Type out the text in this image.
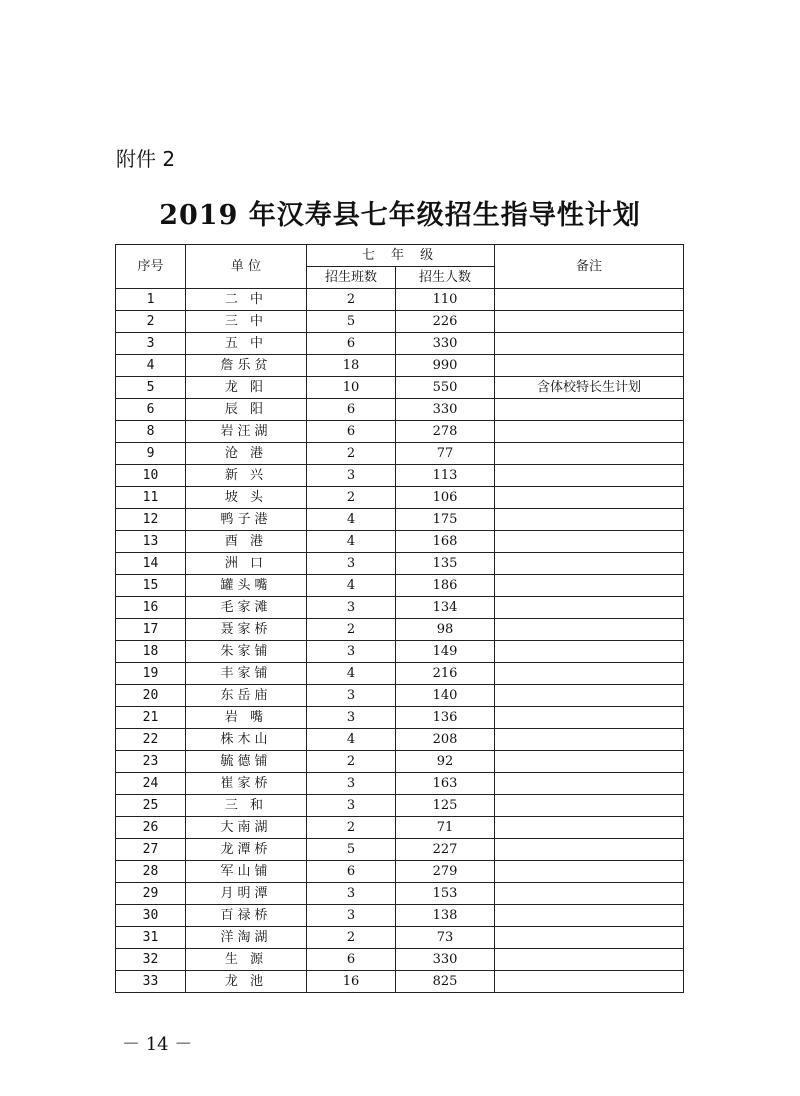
附件 2
2019 年汉寿县七年级招生指导性计划
序号	单 位	七 年 级		备注
		招生班数	招生人数	
1	二 中	2	110	
2	三 中	5	226	
3	五 中	6	330	
4	詹乐贫	18	990	
5	龙 阳	10	550	含体校特长生计划
6	辰 阳	6	330	
8	岩汪湖	6	278	
9	沧 港	2	77	
10	新 兴	3	113	
11	坡 头	2	106	
12	鸭子港	4	175	
13	酉 港	4	168	
14	洲 口	3	135	
15	罐头嘴	4	186	
16	毛家滩	3	134	
17	聂家桥	2	98	
18	朱家铺	3	149	
19	丰家铺	4	216	
20	东岳庙	3	140	
21	岩 嘴	3	136	
22	株木山	4	208	
23	毓德铺	2	92	
24	崔家桥	3	163	
25	三 和	3	125	
26	大南湖	2	71	
27	龙潭桥	5	227	
28	军山铺	6	279	
29	月明潭	3	153	
30	百禄桥	3	138	
31	洋淘湖	2	73	
32	生 源	6	330	
33	龙 池	16	825	
－ 14 －
